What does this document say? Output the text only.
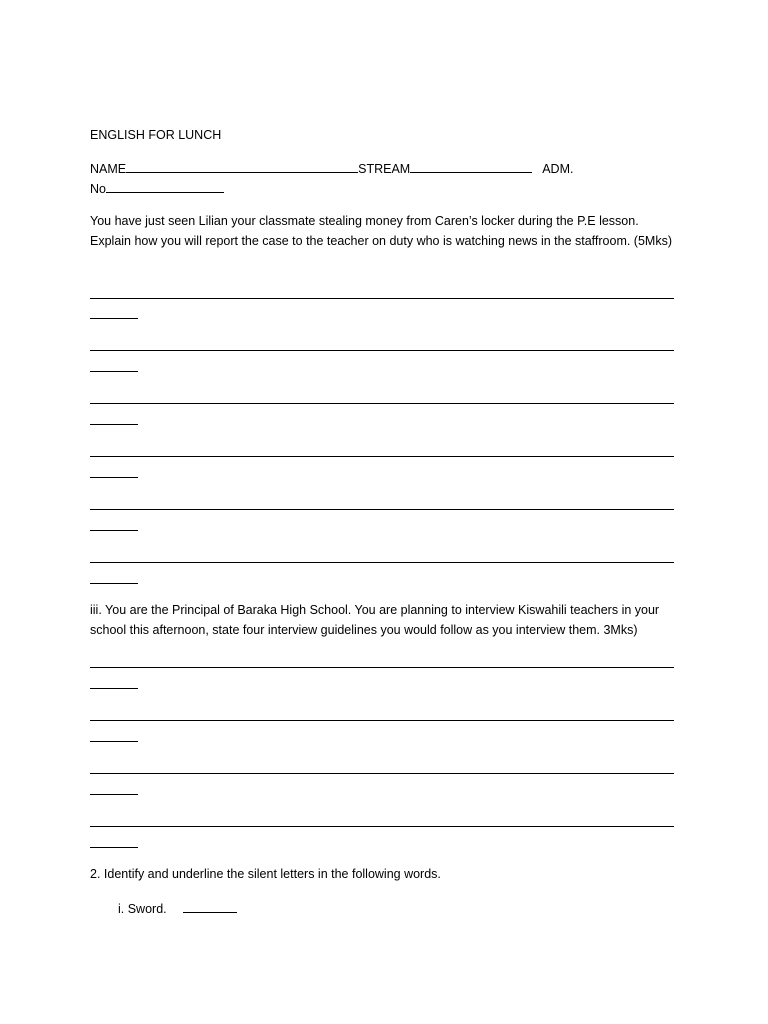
ENGLISH FOR LUNCH
NAME	STREAM	ADM.
No
You have just seen Lilian your classmate stealing money from Caren’s locker during the P.E lesson. Explain how you will report the case to the teacher on duty who is watching news in the staffroom. (5Mks)
iii. You are the Principal of Baraka High School. You are planning to interview Kiswahili teachers in your school this afternoon, state four interview guidelines you would follow as you interview them. 3Mks)
2. Identify and underline the silent letters in the following words.
i. Sword.
